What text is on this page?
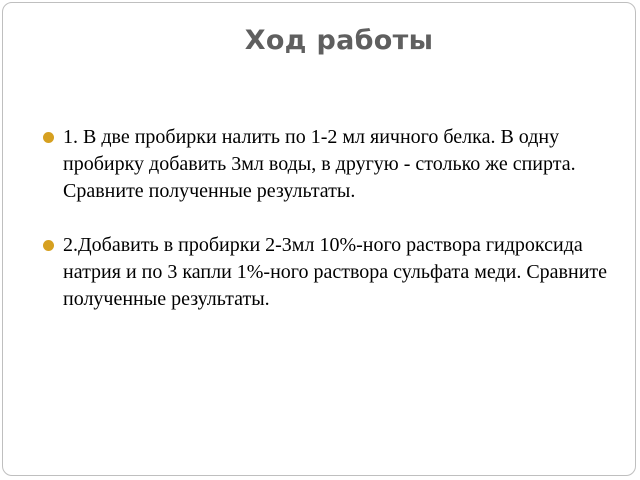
Ход работы
1. В две пробирки налить по 1-2 мл яичного белка. В одну пробирку добавить 3мл воды, в другую - столько же спирта. Сравните полученные результаты.
2.Добавить в пробирки 2-3мл 10%-ного раствора гидроксида натрия и по 3 капли 1%-ного раствора сульфата меди. Сравните полученные результаты.
